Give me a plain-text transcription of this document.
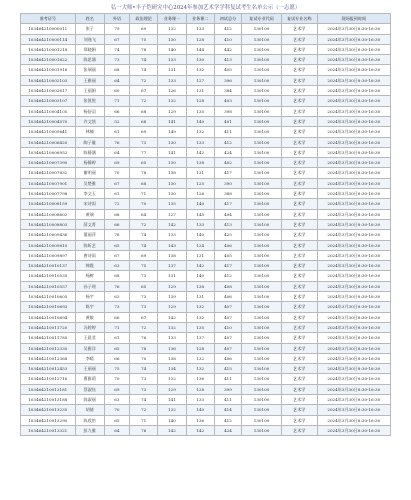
弘一大师•丰子恺研究中心2024年参加艺术学学科复试考生名单公示（一志愿）
准考证号	姓名	外语	政治理论	业务课一	业务课二	初试总分	复试专业代码	复试专业名称	现场报到时间
103464210000011	张子	79	69	132	133	412	130100	艺术学	2024年3月30日8:30-16:30
103464210000114	刘逸飞	67	75	130	128	410	130100	艺术学	2024年3月30日8:30-16:30
103464210001218	郑晓娟	74	78	140	144	442	130100	艺术学	2024年3月30日8:30-16:30
103464210001622	陈思涵	73	74	133	130	413	130100	艺术学	2024年3月30日8:30-16:30
103464210001916	张瑞丽	68	74	131	132	405	130100	艺术学	2024年3月30日8:30-16:30
103464210002103	王雅丽	64	72	133	127	396	130100	艺术学	2024年3月30日8:30-16:30
103464210002617	王丽娟	60	67	126	131	384	130100	艺术学	2024年3月30日8:30-16:30
103464210003107	张凯悦	71	72	132	128	403	130100	艺术学	2024年3月30日8:30-16:30
103464210004105	杨舒羽	66	68	129	135	398	130100	艺术学	2024年3月30日8:30-16:30
103464210004570	许文凯	52	68	141	140	401	130100	艺术学	2024年3月30日8:30-16:30
103464210005641	林楠	61	69	149	132	411	130100	艺术学	2024年3月30日8:30-16:30
103464210006420	陶子璇	76	73	130	133	412	130100	艺术学	2024年3月30日8:30-16:30
103464210006952	陈静涵	64	77	141	142	424	130100	艺术学	2024年3月30日8:30-16:30
103464210007390	杨静婷	69	65	130	138	402	130100	艺术学	2024年3月30日8:30-16:30
103464210007832	谢明丽	70	78	138	131	417	130100	艺术学	2024年3月30日8:30-16:30
103464210007901	吴楚雅	67	68	130	125	390	130100	艺术学	2024年3月30日8:30-16:30
103464210007798	李文玉	61	71	130	126	388	130100	艺术学	2024年3月30日8:30-16:30
103464210008159	宋诗雨	72	70	135	140	417	130100	艺术学	2024年3月30日8:30-16:30
103464210008602	黄瑞	68	64	127	145	404	130100	艺术学	2024年3月30日8:30-16:30
103464210008803	薛文菁	66	72	142	133	413	130100	艺术学	2024年3月30日8:30-16:30
103464210009436	董丽萍	78	74	133	140	425	130100	艺术学	2024年3月30日8:30-16:30
103464210009810	陈昕艺	65	74	143	124	406	130100	艺术学	2024年3月30日8:30-16:30
103464210009897	唐诗雨	67	69	138	131	405	130100	艺术学	2024年3月30日8:30-16:30
103464210010137	韩霞	63	75	137	142	417	130100	艺术学	2024年3月30日8:30-16:30
103464210010535	杨树	68	73	131	140	412	130100	艺术学	2024年3月30日8:30-16:30
103464210010557	孙子瑶	76	65	129	138	408	130100	艺术学	2024年3月30日8:30-16:30
103464210010605	杨宇	63	73	139	131	406	130100	艺术学	2024年3月30日8:30-16:30
103464210010693	陈宇	73	73	129	132	407	130100	艺术学	2024年3月30日8:30-16:30
103464210010694	黄敏	66	67	142	132	407	130100	艺术学	2024年3月30日8:30-16:30
103464210011720	冯婷婷	71	72	132	135	410	130100	艺术学	2024年3月30日8:30-16:30
103464210011785	王晨君	61	76	133	137	407	130100	艺术学	2024年3月30日8:30-16:30
103464210012330	吴雅洋	65	78	136	128	407	130100	艺术学	2024年3月30日8:30-16:30
103464210012368	李晴	66	70	138	132	406	130100	艺术学	2024年3月30日8:30-16:30
103464210012453	王丽丽	75	74	134	132	415	130100	艺术学	2024年3月30日8:30-16:30
103464210012716	曹雅莉	70	73	132	136	411	130100	艺术学	2024年3月30日8:30-16:30
103464210013181	蔡淑钰	69	73	129	128	399	130100	艺术学	2024年3月30日8:30-16:30
103464210013188	陈淑丽	63	74	141	133	411	130100	艺术学	2024年3月30日8:30-16:30
103464210013235	胡倩	70	72	132	140	414	130100	艺术学	2024年3月30日8:30-16:30
103464210013290	陈欣怡	65	71	140	136	412	130100	艺术学	2024年3月30日8:30-16:30
103464210013321	彭九雅	64	76	142	142	424	130100	艺术学	2024年3月30日8:30-16:30
